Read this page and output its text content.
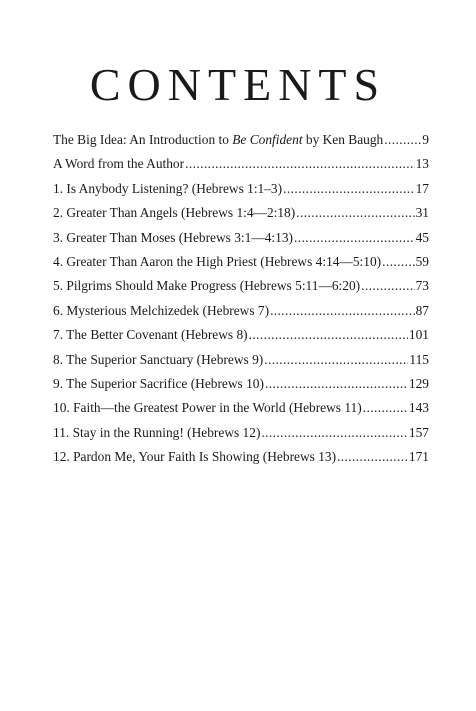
CONTENTS
The Big Idea: An Introduction to Be Confident by Ken Baugh .....	9
A Word from the Author .....	13
1. Is Anybody Listening? (Hebrews 1:1–3) .....	17
2. Greater Than Angels (Hebrews 1:4—2:18) .....	31
3. Greater Than Moses (Hebrews 3:1—4:13) .....	45
4. Greater Than Aaron the High Priest (Hebrews 4:14—5:10) .....	59
5. Pilgrims Should Make Progress (Hebrews 5:11—6:20) .....	73
6. Mysterious Melchizedek (Hebrews 7) .....	87
7. The Better Covenant (Hebrews 8) .....	101
8. The Superior Sanctuary (Hebrews 9) .....	115
9. The Superior Sacrifice (Hebrews 10) .....	129
10. Faith—the Greatest Power in the World (Hebrews 11) .....	143
11. Stay in the Running! (Hebrews 12) .....	157
12. Pardon Me, Your Faith Is Showing (Hebrews 13) .....	171
